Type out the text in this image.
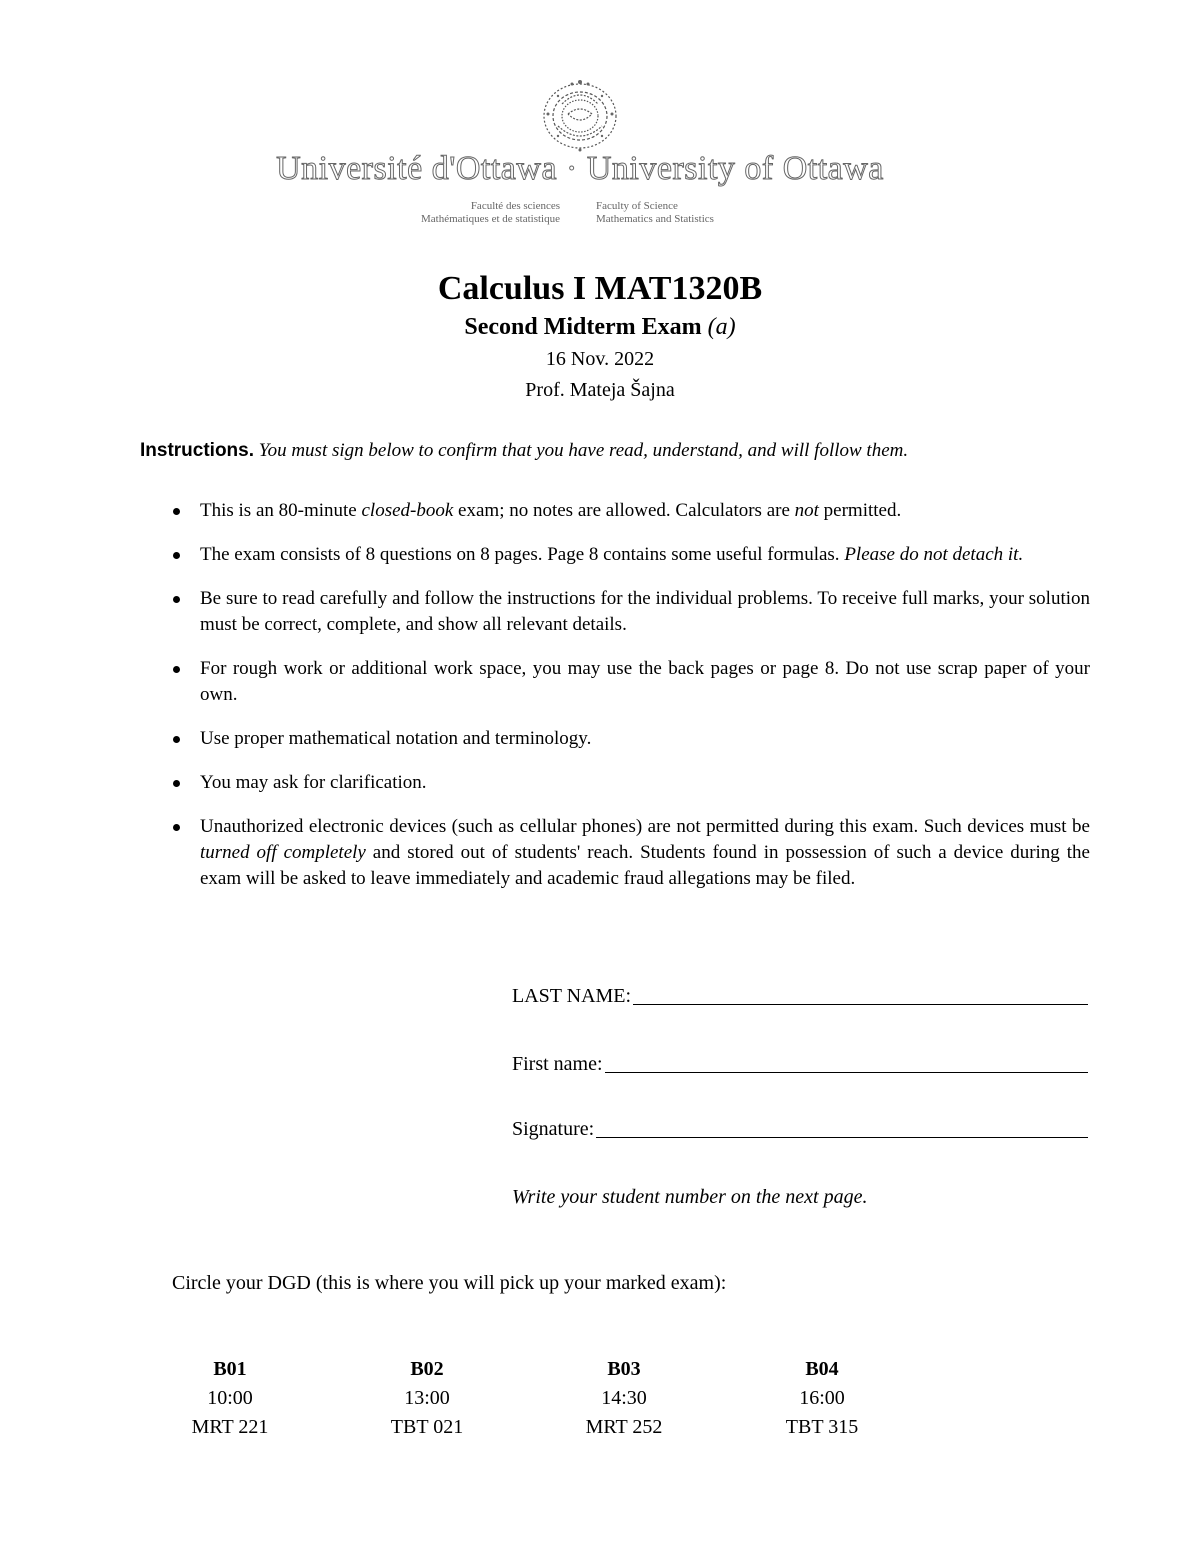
Université d'Ottawa · University of Ottawa
Faculté des sciences
Mathématiques et de statistique
Faculty of Science
Mathematics and Statistics
Calculus I MAT1320B
Second Midterm Exam (a)
16 Nov. 2022
Prof. Mateja Šajna
Instructions. You must sign below to confirm that you have read, understand, and will follow them.
This is an 80-minute closed-book exam; no notes are allowed. Calculators are not permitted.
The exam consists of 8 questions on 8 pages. Page 8 contains some useful formulas. Please do not detach it.
Be sure to read carefully and follow the instructions for the individual problems. To receive full marks, your solution must be correct, complete, and show all relevant details.
For rough work or additional work space, you may use the back pages or page 8. Do not use scrap paper of your own.
Use proper mathematical notation and terminology.
You may ask for clarification.
Unauthorized electronic devices (such as cellular phones) are not permitted during this exam. Such devices must be turned off completely and stored out of students' reach. Students found in possession of such a device during the exam will be asked to leave immediately and academic fraud allegations may be filed.
LAST NAME:
First name:
Signature:
Write your student number on the next page.
Circle your DGD (this is where you will pick up your marked exam):
B01
10:00
MRT 221
B02
13:00
TBT 021
B03
14:30
MRT 252
B04
16:00
TBT 315
